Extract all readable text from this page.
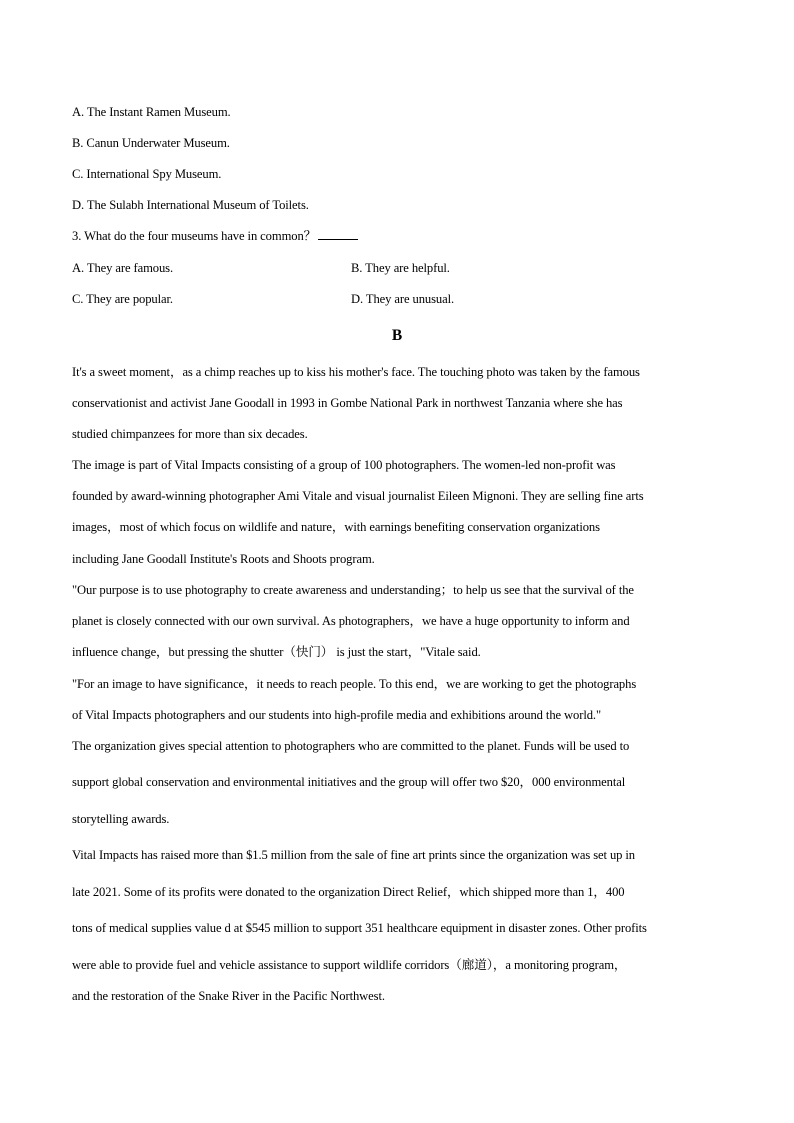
A. The Instant Ramen Museum.
B. Canun Underwater Museum.
C. International Spy Museum.
D. The Sulabh International Museum of Toilets.
3. What do the four museums have in common？
A. They are famous.	B. They are helpful.
C. They are popular.	D. They are unusual.
B
It's a sweet moment，as a chimp reaches up to kiss his mother's face. The touching photo was taken by the famous
conservationist and activist Jane Goodall in 1993 in Gombe National Park in northwest Tanzania where she has
studied chimpanzees for more than six decades.
The image is part of Vital Impacts consisting of a group of 100 photographers. The women-led non-profit was
founded by award-winning photographer Ami Vitale and visual journalist Eileen Mignoni. They are selling fine arts
images，most of which focus on wildlife and nature，with earnings benefiting conservation organizations
including Jane Goodall Institute's Roots and Shoots program.
"Our purpose is to use photography to create awareness and understanding；to help us see that the survival of the
planet is closely connected with our own survival. As photographers，we have a huge opportunity to inform and
influence change，but pressing the shutter（快门） is just the start，"Vitale said.
"For an image to have significance，it needs to reach people. To this end，we are working to get the photographs
of Vital Impacts photographers and our students into high-profile media and exhibitions around the world."
The organization gives special attention to photographers who are committed to the planet. Funds will be used to
support global conservation and environmental initiatives and the group will offer two $20，000 environmental
storytelling awards.
Vital Impacts has raised more than $1.5 million from the sale of fine art prints since the organization was set up in
late 2021. Some of its profits were donated to the organization Direct Relief，which shipped more than 1，400
tons of medical supplies value d at $545 million to support 351 healthcare equipment in disaster zones. Other profits
were able to provide fuel and vehicle assistance to support wildlife corridors（廊道），a monitoring program，
and the restoration of the Snake River in the Pacific Northwest.
